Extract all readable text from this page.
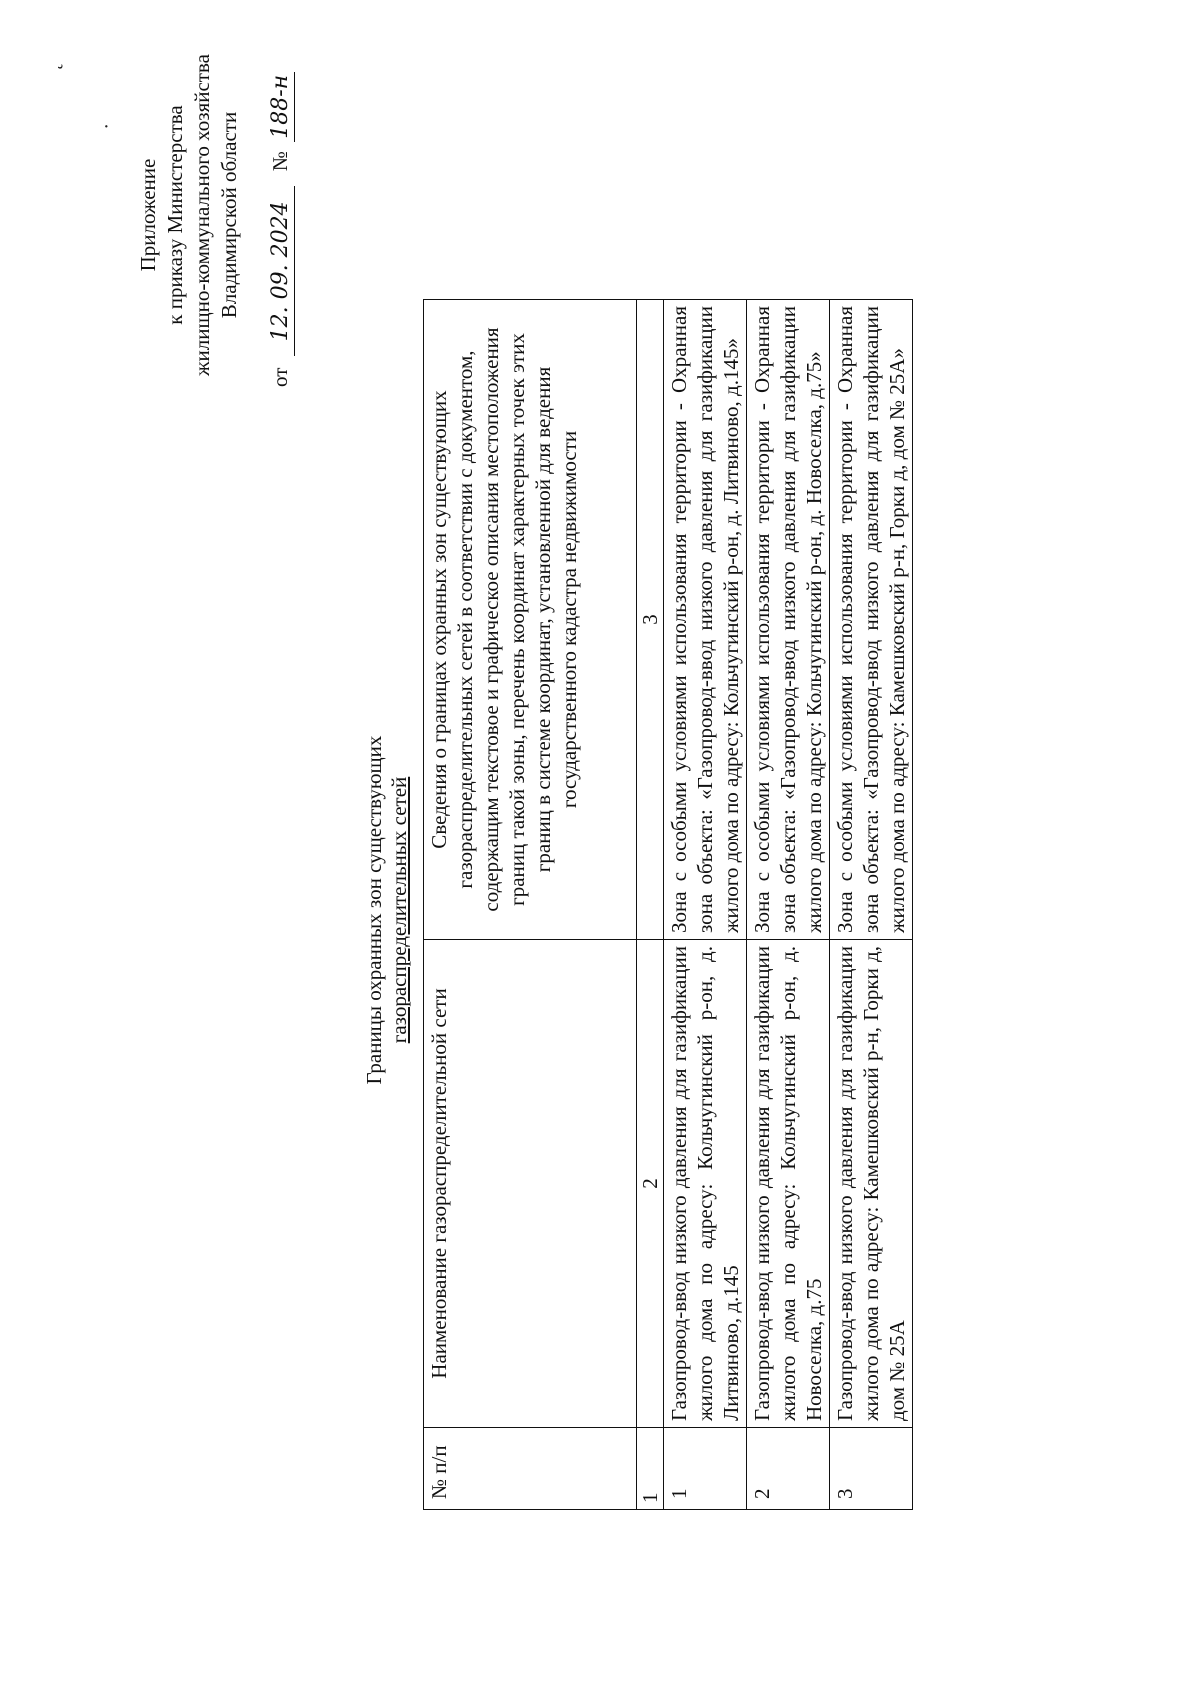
˛
˙
Приложение к приказу Министерства жилищно-коммунального хозяйства Владимирской области
от 12. 09. 2024 № 188-н
Границы охранных зон существующих газораспределительных сетей
№ п/п	Наименование газораспределительной сети	Сведения о границах охранных зон существующих газораспределительных сетей в соответствии с документом, содержащим текстовое и графическое описания местоположения границ такой зоны, перечень координат характерных точек этих границ в системе координат, установленной для ведения государственного кадастра недвижимости
1	2	3
1	Газопровод-ввод низкого давления для газификации жилого дома по адресу: Кольчугинский р-он, д. Литвиново, д.145	Зона с особыми условиями использования территории - Охранная зона объекта: «Газопровод-ввод низкого давления для газификации жилого дома по адресу: Кольчугинский р-он, д. Литвиново, д.145»
2	Газопровод-ввод низкого давления для газификации жилого дома по адресу: Кольчугинский р-он, д. Новоселка, д.75	Зона с особыми условиями использования территории - Охранная зона объекта: «Газопровод-ввод низкого давления для газификации жилого дома по адресу: Кольчугинский р-он, д. Новоселка, д.75»
3	Газопровод-ввод низкого давления для газификации жилого дома по адресу: Камешковский р-н, Горки д, дом № 25А	Зона с особыми условиями использования территории - Охранная зона объекта: «Газопровод-ввод низкого давления для газификации жилого дома по адресу: Камешковский р-н, Горки д, дом № 25А»
